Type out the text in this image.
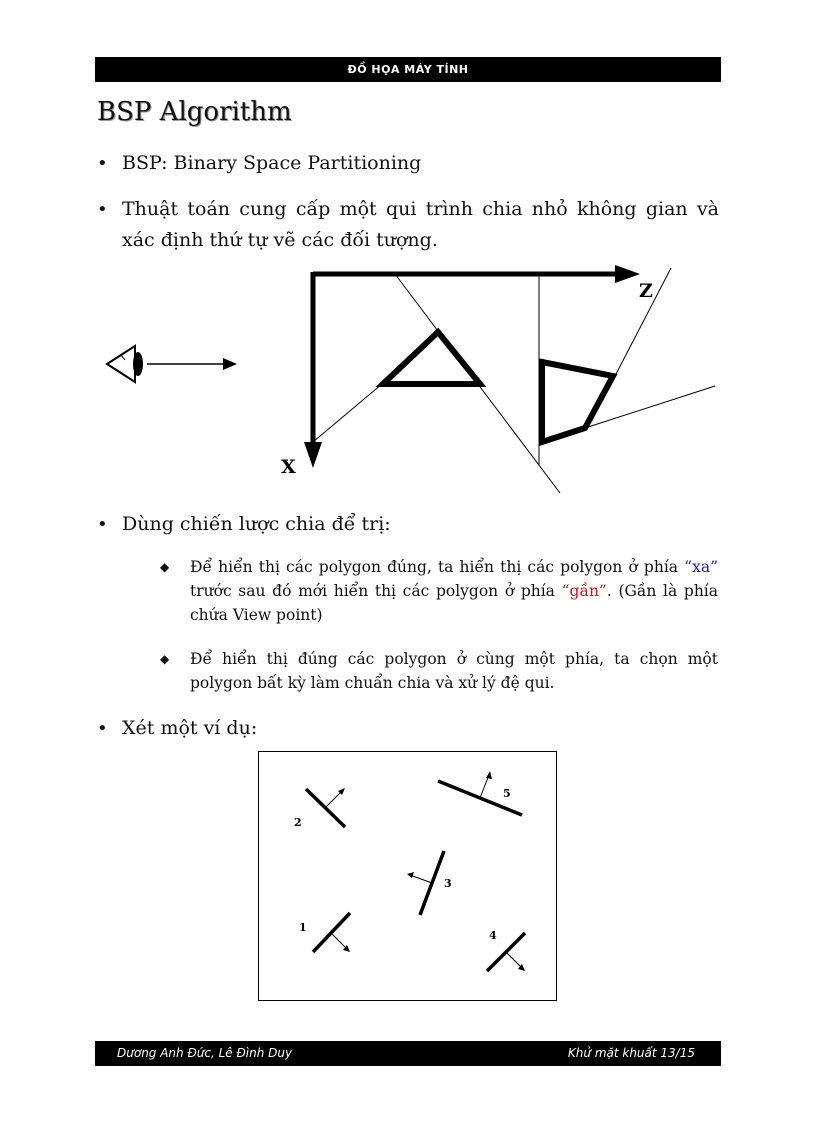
ĐỒ HỌA MÁY TÍNH
BSP Algorithm
• BSP: Binary Space Partitioning
• Thuật toán cung cấp một qui trình chia nhỏ không gian và xác định thứ tự vẽ các đối tượng.
Z
X
• Dùng chiến lược chia để trị:
◆	Để hiển thị các polygon đúng, ta hiển thị các polygon ở phía “xa” trước sau đó mới hiển thị các polygon ở phía “gần”. (Gần là phía chứa View point)
◆	Để hiển thị đúng các polygon ở cùng một phía, ta chọn một polygon bất kỳ làm chuẩn chia và xử lý đệ qui.
• Xét một ví dụ:
2
5
3
1
4
Dương Anh Đức, Lê Đình Duy	Khử mặt khuất 13/15
